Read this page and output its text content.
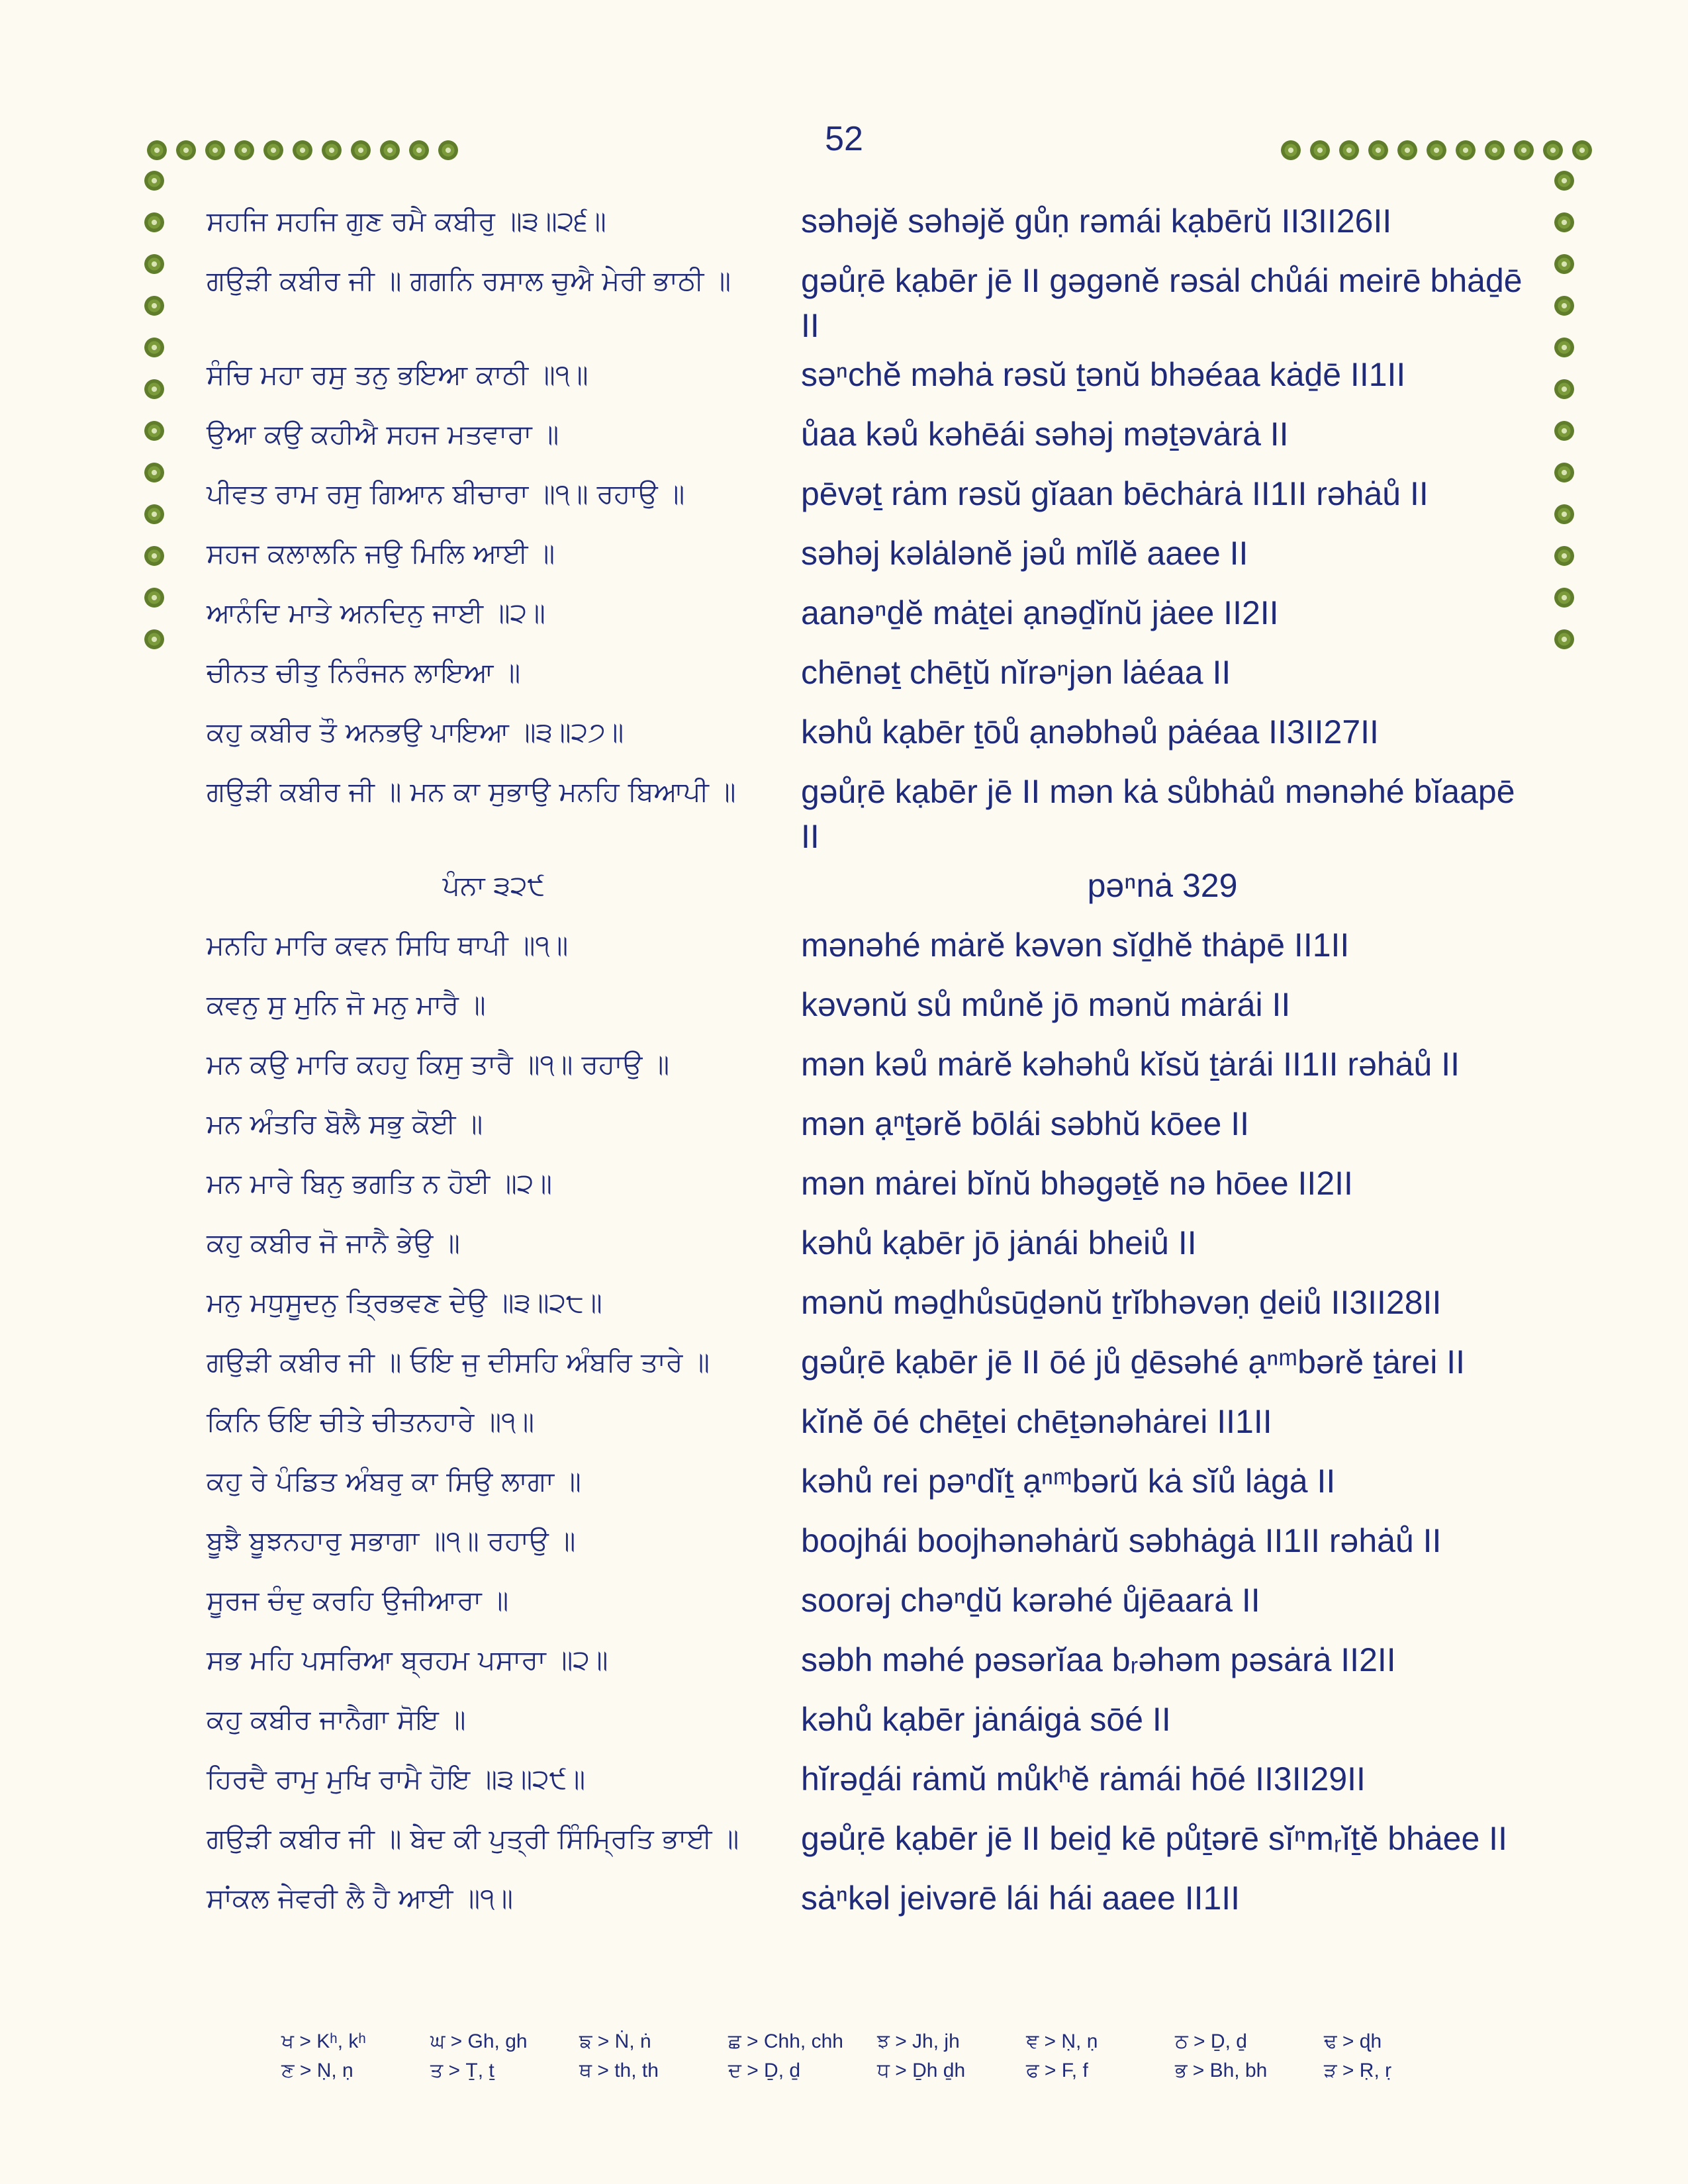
52
ਸਹਜਿ ਸਹਜਿ ਗੁਣ ਰਮੈ ਕਬੀਰੁ ॥੩॥੨੬॥	səhəjĕ səhəjĕ gůṇ rəmái kạbērŭ II3II26II
ਗਉੜੀ ਕਬੀਰ ਜੀ ॥ ਗਗਨਿ ਰਸਾਲ ਚੁਐ ਮੇਰੀ ਭਾਠੀ ॥	gəůṛē kạbēr jē II gəgənĕ rəsȧl chůái meirē bhȧḏē II
ਸੰਚਿ ਮਹਾ ਰਸੁ ਤਨੁ ਭਇਆ ਕਾਠੀ ॥੧॥	səⁿchĕ məhȧ rəsŭ ṯənŭ bhəéaa kȧḏē II1II
ਉਆ ਕਉ ਕਹੀਐ ਸਹਜ ਮਤਵਾਰਾ ॥	ůaa kəů kəhēái səhəj məṯəvȧrȧ II
ਪੀਵਤ ਰਾਮ ਰਸੁ ਗਿਆਨ ਬੀਚਾਰਾ ॥੧॥ ਰਹਾਉ ॥	pēvəṯ rȧm rəsŭ gĭaan bēchȧrȧ II1II rəhȧů II
ਸਹਜ ਕਲਾਲਨਿ ਜਉ ਮਿਲਿ ਆਈ ॥	səhəj kəlȧlənĕ jəů mĭlĕ aaee II
ਆਨੰਦਿ ਮਾਤੇ ਅਨਦਿਨੁ ਜਾਈ ॥੨॥	aanəⁿḏĕ mȧṯei ạnəḏĭnŭ jȧee II2II
ਚੀਨਤ ਚੀਤੁ ਨਿਰੰਜਨ ਲਾਇਆ ॥	chēnəṯ chēṯŭ nĭrəⁿjən lȧéaa II
ਕਹੁ ਕਬੀਰ ਤੌ ਅਨਭਉ ਪਾਇਆ ॥੩॥੨੭॥	kəhů kạbēr ṯōů ạnəbhəů pȧéaa II3II27II
ਗਉੜੀ ਕਬੀਰ ਜੀ ॥ ਮਨ ਕਾ ਸੁਭਾਉ ਮਨਹਿ ਬਿਆਪੀ ॥	gəůṛē kạbēr jē II mən kȧ sůbhȧů mənəhé bĭaapē II
ਪੰਨਾ ੩੨੯	pəⁿnȧ 329
ਮਨਹਿ ਮਾਰਿ ਕਵਨ ਸਿਧਿ ਥਾਪੀ ॥੧॥	mənəhé mȧrĕ kəvən sĭḏhĕ thȧpē II1II
ਕਵਨੁ ਸੁ ਮੁਨਿ ਜੋ ਮਨੁ ਮਾਰੈ ॥	kəvənŭ sů můnĕ jō mənŭ mȧrái II
ਮਨ ਕਉ ਮਾਰਿ ਕਹਹੁ ਕਿਸੁ ਤਾਰੈ ॥੧॥ ਰਹਾਉ ॥	mən kəů mȧrĕ kəhəhů kĭsŭ ṯȧrái II1II rəhȧů II
ਮਨ ਅੰਤਰਿ ਬੋਲੈ ਸਭੁ ਕੋਈ ॥	mən ạⁿṯərĕ bōlái səbhŭ kōee II
ਮਨ ਮਾਰੇ ਬਿਨੁ ਭਗਤਿ ਨ ਹੋਈ ॥੨॥	mən mȧrei bĭnŭ bhəgəṯĕ nə hōee II2II
ਕਹੁ ਕਬੀਰ ਜੋ ਜਾਨੈ ਭੇਉ ॥	kəhů kạbēr jō jȧnái bheiů II
ਮਨੁ ਮਧੁਸੂਦਨੁ ਤ੍ਰਿਭਵਣ ਦੇਉ ॥੩॥੨੮॥	mənŭ məḏhůsūḏənŭ ṯrĭbhəvəṇ ḏeiů II3II28II
ਗਉੜੀ ਕਬੀਰ ਜੀ ॥ ਓਇ ਜੁ ਦੀਸਹਿ ਅੰਬਰਿ ਤਾਰੇ ॥	gəůṛē kạbēr jē II ōé jů ḏēsəhé ạⁿᵐbərĕ ṯȧrei II
ਕਿਨਿ ਓਇ ਚੀਤੇ ਚੀਤਨਹਾਰੇ ॥੧॥	kĭnĕ ōé chēṯei chēṯənəhȧrei II1II
ਕਹੁ ਰੇ ਪੰਡਿਤ ਅੰਬਰੁ ਕਾ ਸਿਉ ਲਾਗਾ ॥	kəhů rei pəⁿdĭṯ ạⁿᵐbərŭ kȧ sĭů lȧgȧ II
ਬੂਝੈ ਬੂਝਨਹਾਰੁ ਸਭਾਗਾ ॥੧॥ ਰਹਾਉ ॥	boojhái boojhənəhȧrŭ səbhȧgȧ II1II rəhȧů II
ਸੂਰਜ ਚੰਦੁ ਕਰਹਿ ਉਜੀਆਰਾ ॥	soorəj chəⁿḏŭ kərəhé ůjēaarȧ II
ਸਭ ਮਹਿ ਪਸਰਿਆ ਬ੍ਰਹਮ ਪਸਾਰਾ ॥੨॥	səbh məhé pəsərĭaa bᵣəhəm pəsȧrȧ II2II
ਕਹੁ ਕਬੀਰ ਜਾਨੈਗਾ ਸੋਇ ॥	kəhů kạbēr jȧnáigȧ sōé II
ਹਿਰਦੈ ਰਾਮੁ ਮੁਖਿ ਰਾਮੈ ਹੋਇ ॥੩॥੨੯॥	hĭrəḏái rȧmŭ můkʰĕ rȧmái hōé II3II29II
ਗਉੜੀ ਕਬੀਰ ਜੀ ॥ ਬੇਦ ਕੀ ਪੁਤ੍ਰੀ ਸਿੰਮ੍ਰਿਤਿ ਭਾਈ ॥	gəůṛē kạbēr jē II beiḏ kē půṯərē sĭⁿmᵣĭṯĕ bhȧee II
ਸਾਂਕਲ ਜੇਵਰੀ ਲੈ ਹੈ ਆਈ ॥੧॥	sȧⁿkəl jeivərē lái hái aaee II1II
ਖ > Kʰ, kʰ	ਘ > Gh, gh	ਙ > Ṅ, ṅ	ਛ > Chh, chh	ਝ > Jh, jh	ਞ > Ṇ, ṇ	ਠ > Ḏ, ḏ	ਢ > ɖh
ਣ > Ṇ, ṇ	ਤ > Ṯ, ṯ	ਥ > th, th	ਦ > Ḏ, ḏ	ਧ > Ḏh ḏh	ਫ > F, f	ਭ > Bh, bh	ੜ > Ṛ, ṛ
